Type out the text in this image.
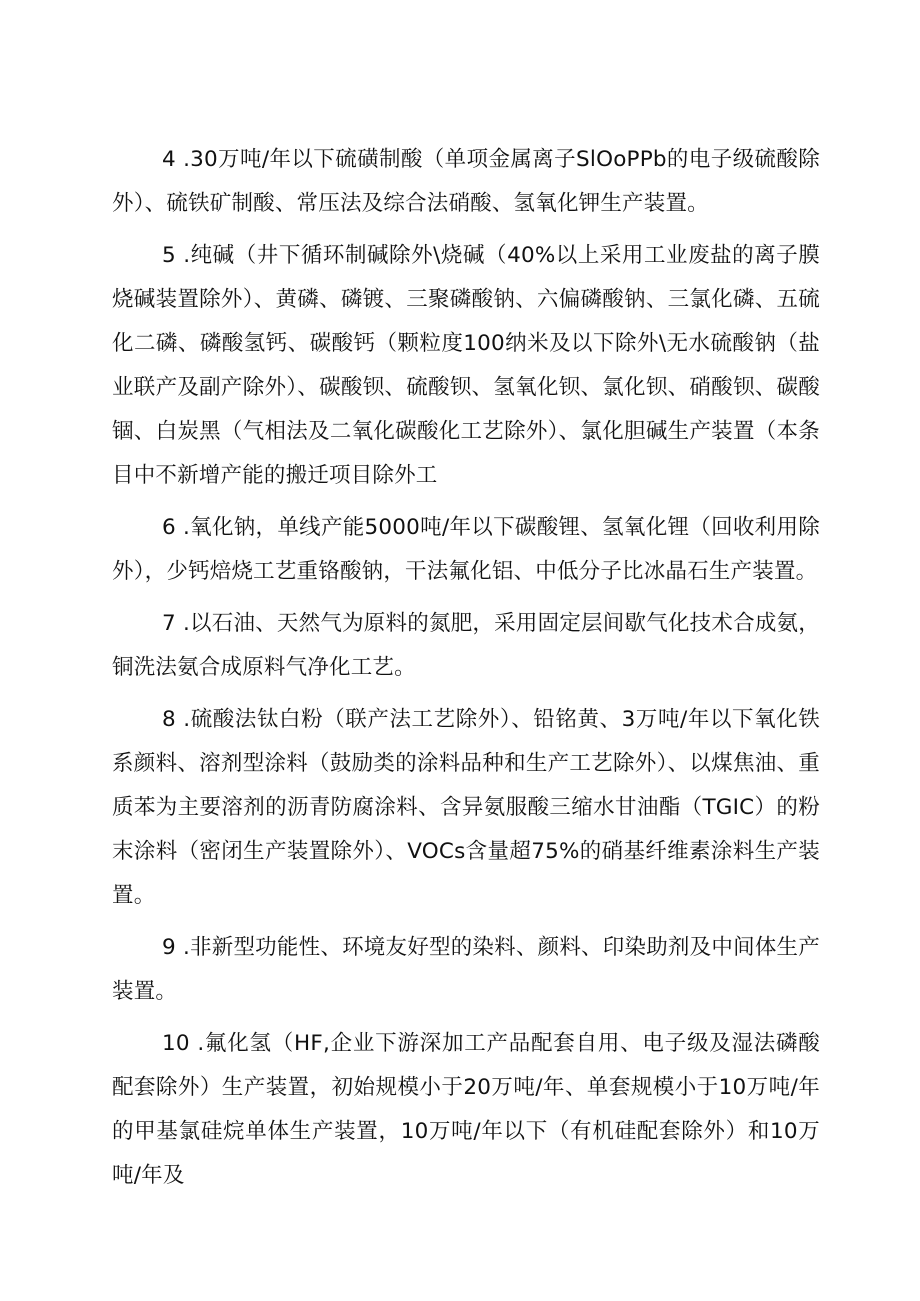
4 .30万吨/年以下硫磺制酸（单项金属离子SlOoPPb的电子级硫酸除外）、硫铁矿制酸、常压法及综合法硝酸、氢氧化钾生产装置。

5 .纯碱（井下循环制碱除外\烧碱（40%以上采用工业废盐的离子膜烧碱装置除外）、黄磷、磷镀、三聚磷酸钠、六偏磷酸钠、三氯化磷、五硫化二磷、磷酸氢钙、碳酸钙（颗粒度100纳米及以下除外\无水硫酸钠（盐业联产及副产除外）、碳酸钡、硫酸钡、氢氧化钡、氯化钡、硝酸钡、碳酸锢、白炭黑（气相法及二氧化碳酸化工艺除外）、氯化胆碱生产装置（本条目中不新增产能的搬迁项目除外工

6 .氧化钠，单线产能5000吨/年以下碳酸锂、氢氧化锂（回收利用除外），少钙焙烧工艺重铬酸钠，干法氟化铝、中低分子比冰晶石生产装置。

7 .以石油、天然气为原料的氮肥，采用固定层间歇气化技术合成氨，铜洗法氨合成原料气净化工艺。

8 .硫酸法钛白粉（联产法工艺除外）、铅铭黄、3万吨/年以下氧化铁系颜料、溶剂型涂料（鼓励类的涂料品种和生产工艺除外）、以煤焦油、重质苯为主要溶剂的沥青防腐涂料、含异氨服酸三缩水甘油酯（TGIC）的粉末涂料（密闭生产装置除外）、VOCs含量超75%的硝基纤维素涂料生产装置。

9 .非新型功能性、环境友好型的染料、颜料、印染助剂及中间体生产装置。

10 .氟化氢（HF,企业下游深加工产品配套自用、电子级及湿法磷酸配套除外）生产装置，初始规模小于20万吨/年、单套规模小于10万吨/年的甲基氯硅烷单体生产装置，10万吨/年以下（有机硅配套除外）和10万吨/年及
